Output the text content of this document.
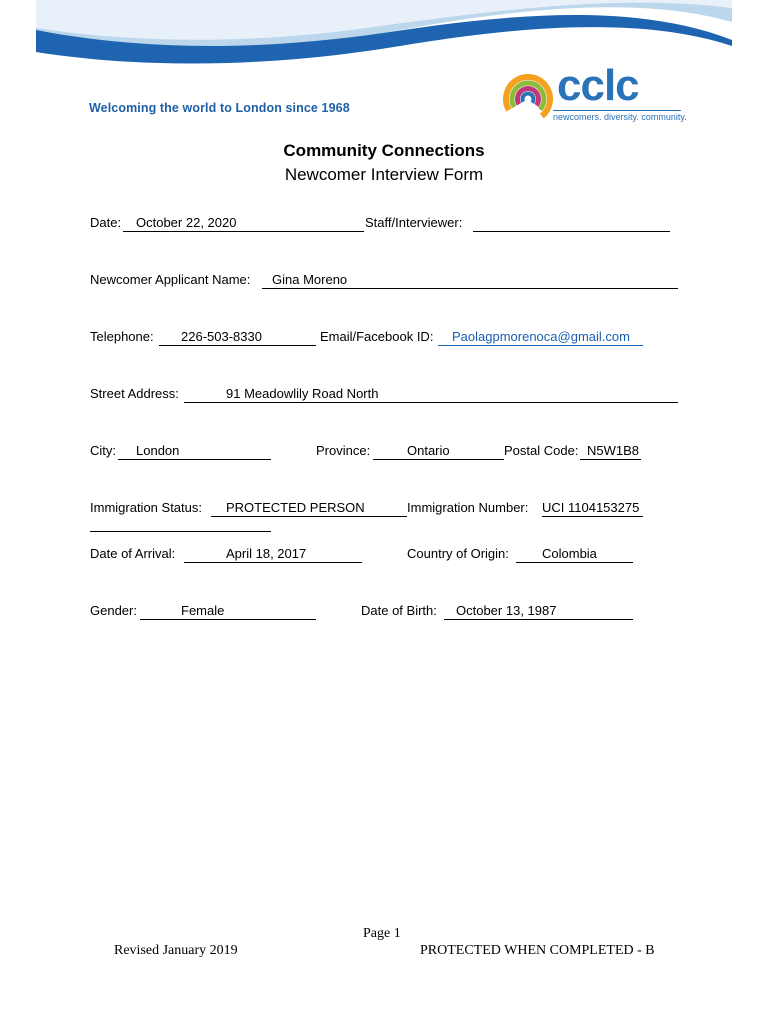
Welcoming the world to London since 1968	cclc
newcomers. diversity. community.
Community Connections
Newcomer Interview Form
Date: October 22, 2020	Staff/Interviewer:
Newcomer Applicant Name: Gina Moreno
Telephone: 226-503-8330	Email/Facebook ID: Paolagpmorenoca@gmail.com
Street Address:	91 Meadowlily Road North
City: London	Province:	Ontario	Postal Code: N5W1B8
Immigration Status: PROTECTED PERSON	Immigration Number: UCI 1104153275
Date of Arrival:	April 18, 2017	Country of Origin:	Colombia
Gender:	Female	Date of Birth: October 13, 1987
Page 1
Revised January 2019	PROTECTED WHEN COMPLETED - B
